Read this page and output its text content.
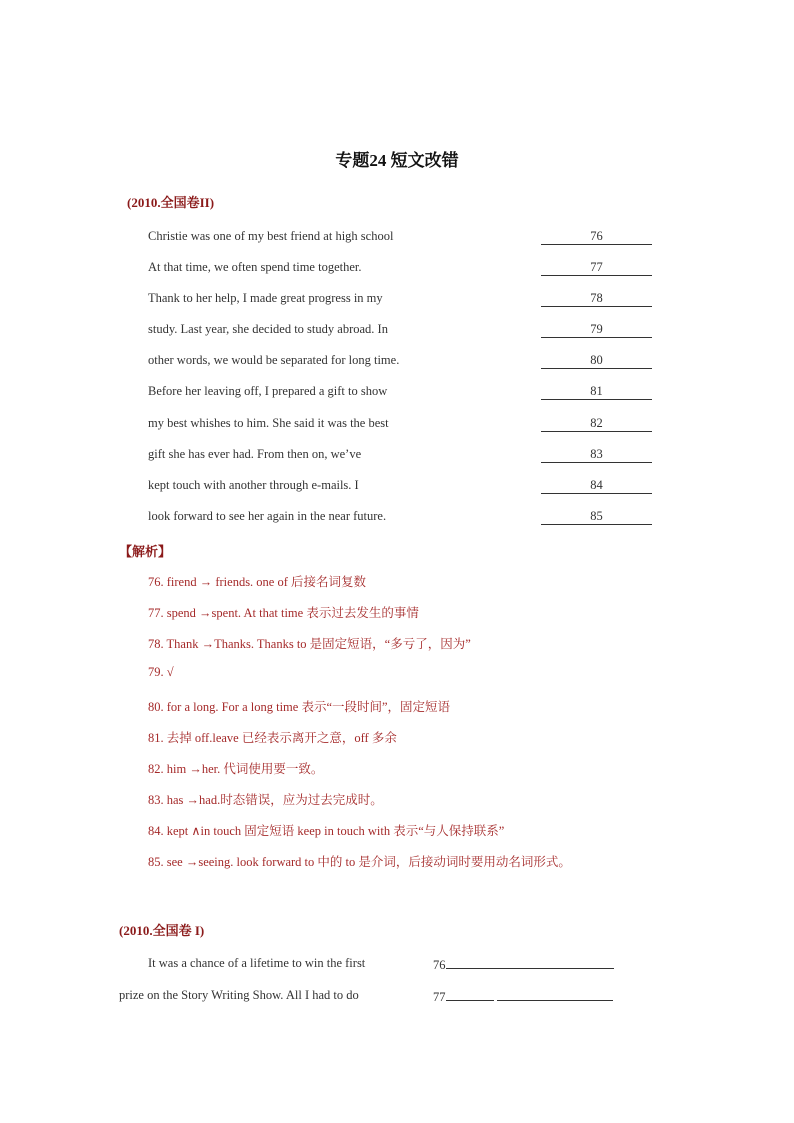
专题24 短文改错
(2010.全国卷II)
Christie was one of my best friend at high school	76
At that time, we often spend time together.	77
Thank to her help, I made great progress in my	78
study. Last year, she decided to study abroad. In	79
other words, we would be separated for long time.	80
Before her leaving off, I prepared a gift to show	81
my best whishes to him. She said it was the best	82
gift she has ever had. From then on, we’ve	83
kept touch with another through e-mails. I	84
look forward to see her again in the near future.	85
【解析】
76. firend → friends. one of 后接名词复数
77. spend →spent. At that time 表示过去发生的事情
78. Thank →Thanks. Thanks to 是固定短语，“多亏了，因为”
79. √
80. for a long. For a long time 表示“一段时间”，固定短语
81. 去掉 off.leave 已经表示离开之意，off 多余
82. him →her. 代词使用要一致。
83. has →had.时态错误，应为过去完成时。
84. kept ∧in touch 固定短语 keep in touch with 表示“与人保持联系”
85. see →seeing. look forward to 中的 to 是介词，后接动词时要用动名词形式。
(2010.全国卷 I)
It was a chance of a lifetime to win the first	76
prize on the Story Writing Show. All I had to do	77
